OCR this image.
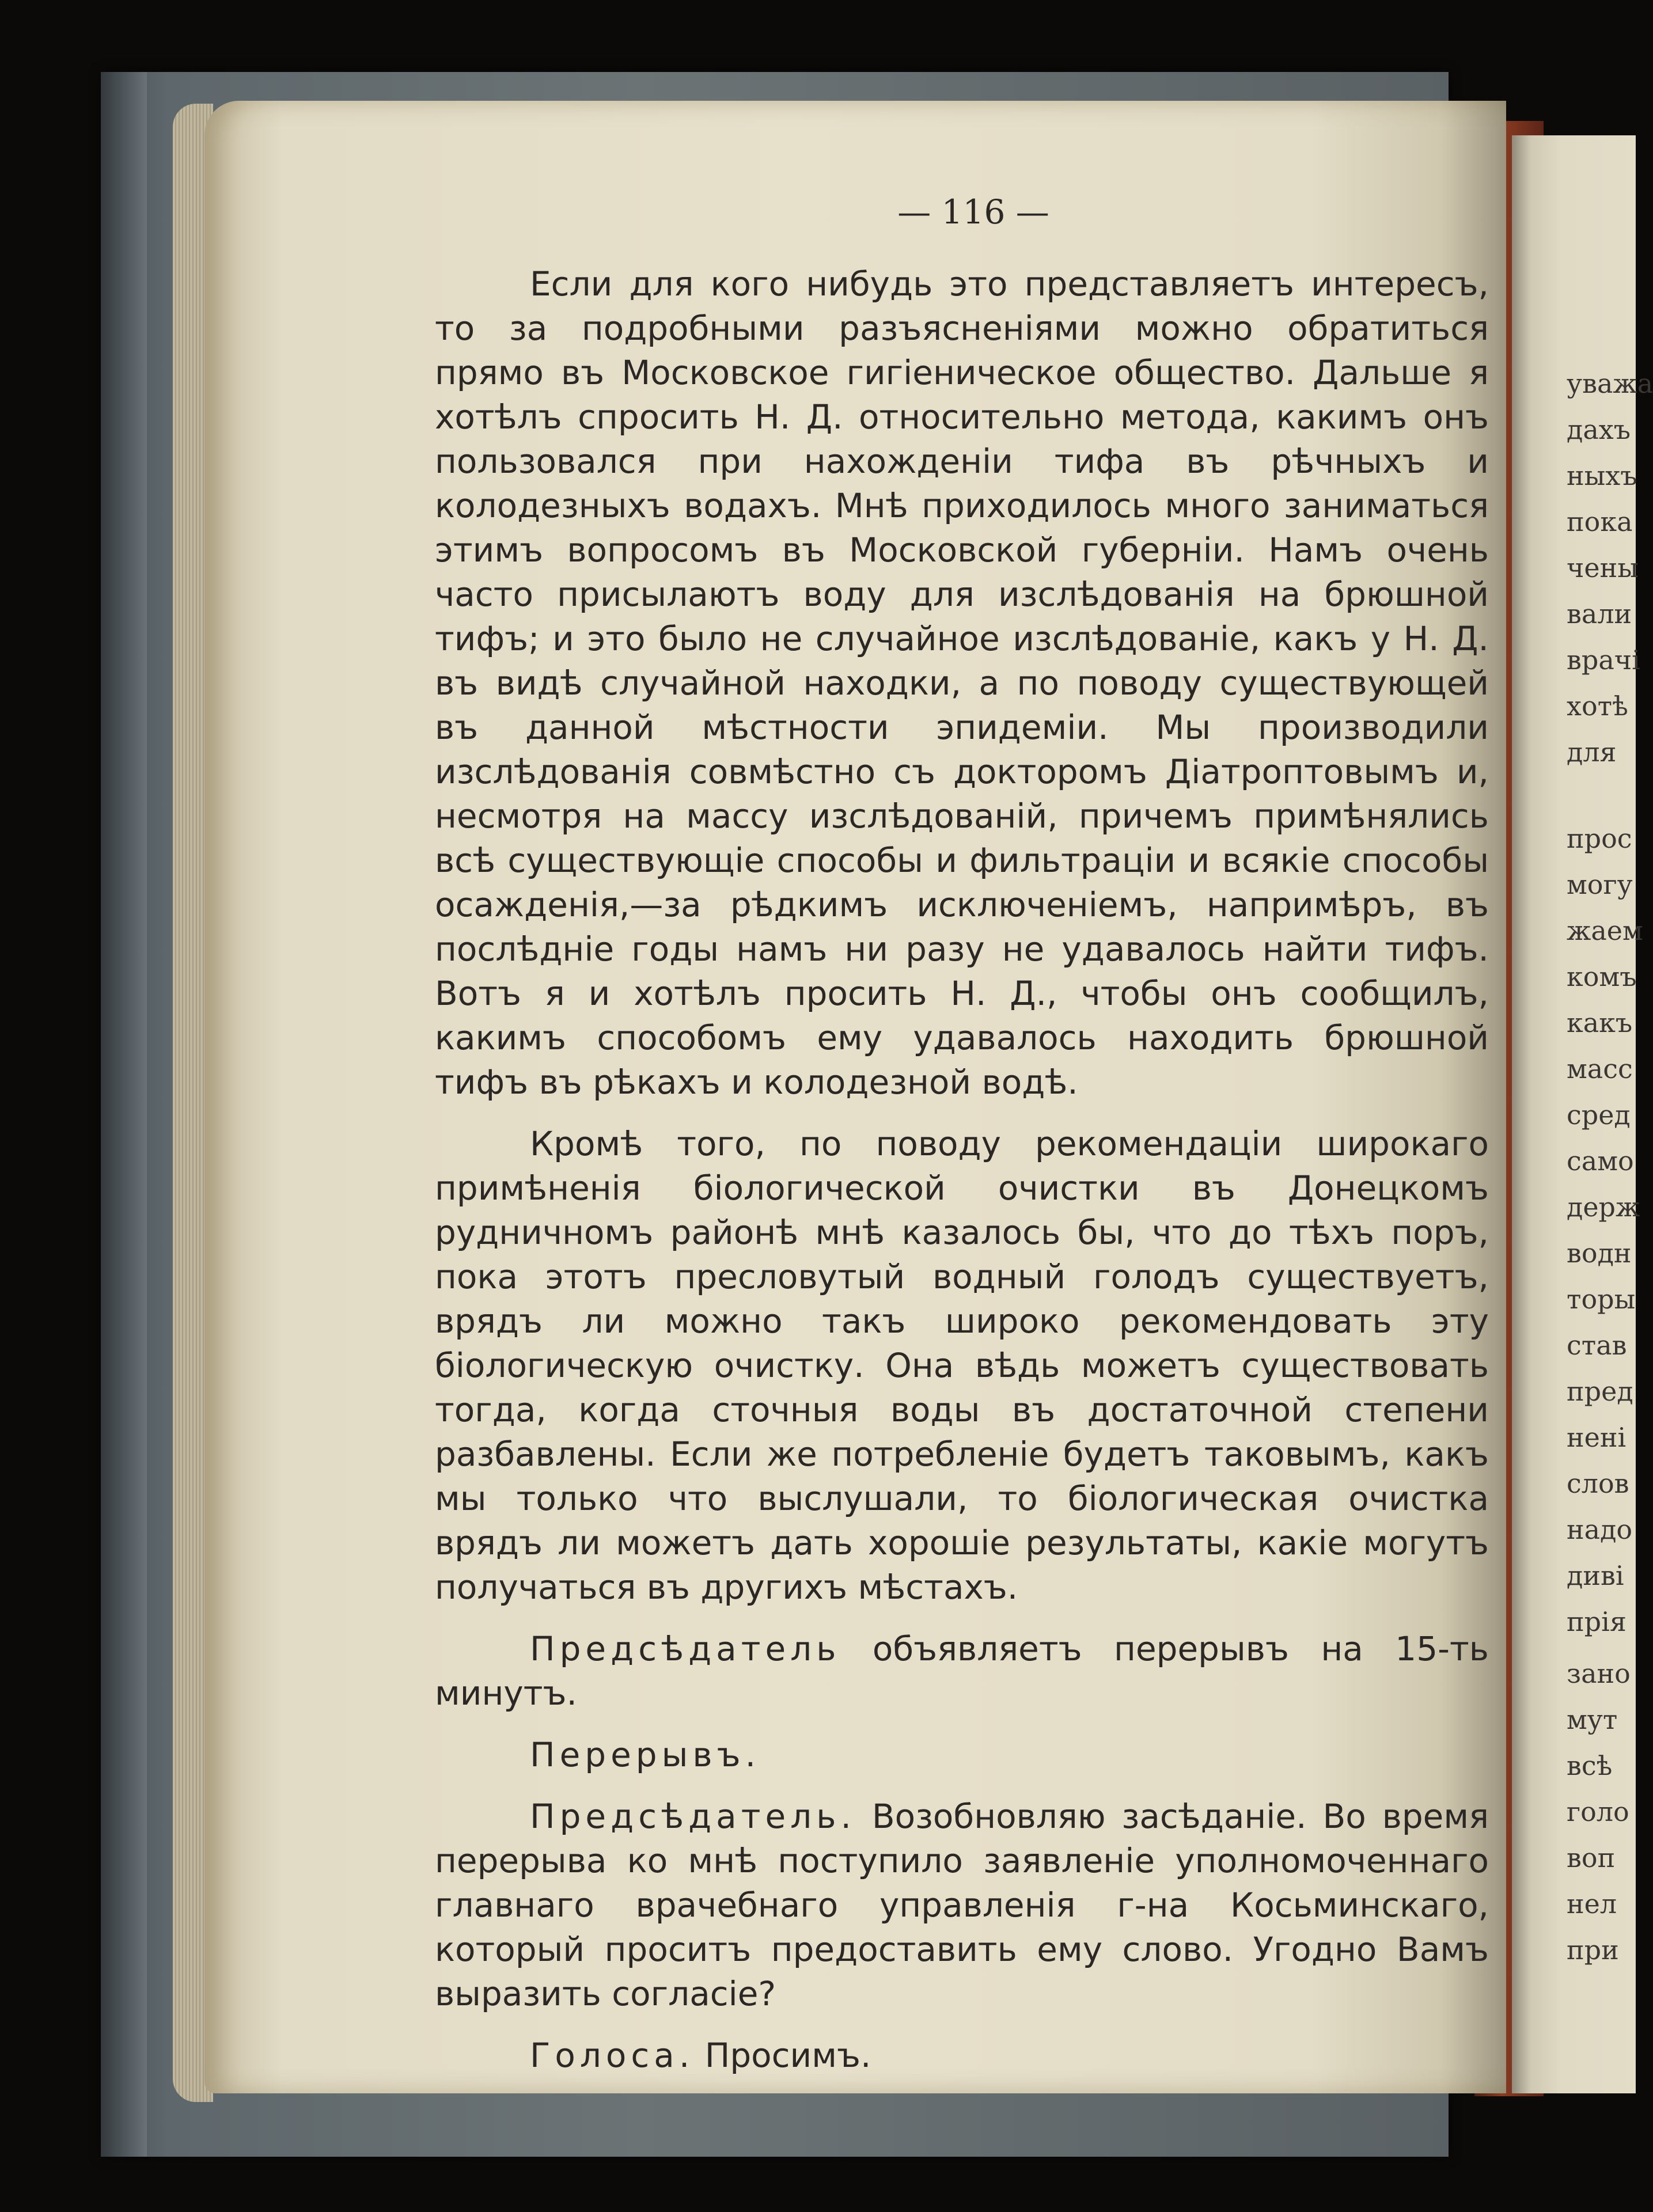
уважа
дахъ
ныхъ
пока
чены
вали
врачі
хотѣ
для
прос
могу
жаем
комъ
какъ
масс
сред
само
держ
водн
торы
став
пред
нені
слов
надо
диві
прія
зано
мут
всѣ
голо
воп
нел
при
— 116 —

Если для кого нибудь это представляетъ интересъ, то за подробными разъясненіями можно обратиться прямо въ Московское гигіеническое общество. Дальше я хотѣлъ спросить Н. Д. относительно метода, какимъ онъ пользовался при нахожденіи тифа въ рѣчныхъ и колодезныхъ водахъ. Мнѣ приходилось много заниматься этимъ вопросомъ въ Московской губерніи. Намъ очень часто присылаютъ воду для изслѣдованія на брюшной тифъ; и это было не случайное изслѣдованіе, какъ у Н. Д. въ видѣ случайной находки, а по поводу существующей въ данной мѣстности эпидеміи. Мы производили изслѣдованія совмѣстно съ докторомъ Діатроптовымъ и, несмотря на массу изслѣдованій, причемъ примѣнялись всѣ существующіе способы и фильтраціи и всякіе способы осажденія,—за рѣдкимъ исключеніемъ, напримѣръ, въ послѣдніе годы намъ ни разу не удавалось найти тифъ. Вотъ я и хотѣлъ просить Н. Д., чтобы онъ сообщилъ, какимъ способомъ ему удавалось находить брюшной тифъ въ рѣкахъ и колодезной водѣ.

Кромѣ того, по поводу рекомендаціи широкаго примѣненія біологической очистки въ Донецкомъ рудничномъ районѣ мнѣ казалось бы, что до тѣхъ поръ, пока этотъ пресловутый водный голодъ существуетъ, врядъ ли можно такъ широко рекомендовать эту біологическую очистку. Она вѣдь можетъ существовать тогда, когда сточныя воды въ достаточной степени разбавлены. Если же потребленіе будетъ таковымъ, какъ мы только что выслушали, то біологическая очистка врядъ ли можетъ дать хорошіе результаты, какіе могутъ получаться въ другихъ мѣстахъ.

Предсѣдатель объявляетъ перерывъ на 15-ть минутъ.

Перерывъ.

Предсѣдатель. Возобновляю засѣданіе. Во время перерыва ко мнѣ поступило заявленіе уполномоченнаго главнаго врачебнаго управленія г-на Косьминскаго, который проситъ предоставить ему слово. Угодно Вамъ выразить согласіе?

Голоса. Просимъ.
